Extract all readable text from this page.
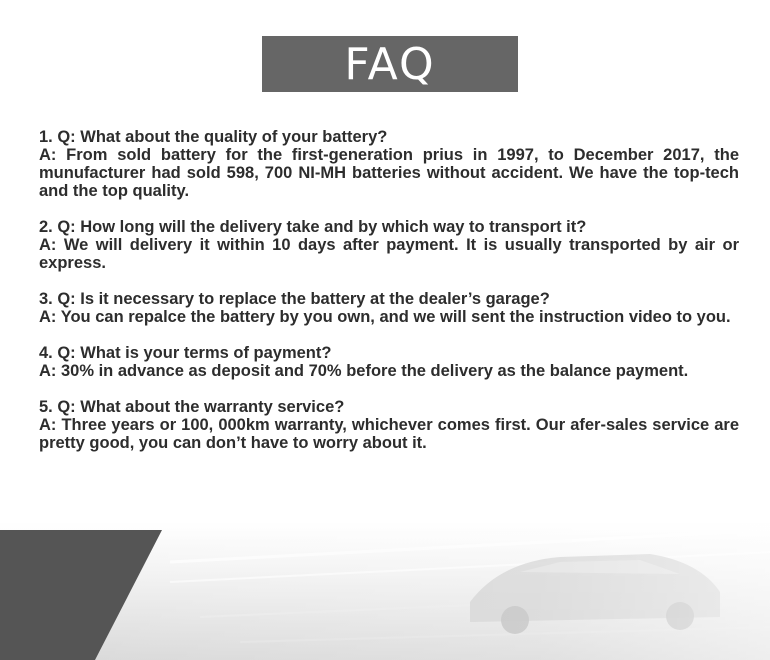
FAQ

1. Q: What about the quality of your battery?

A: From sold battery for the first-generation prius in 1997, to December 2017, the munufacturer had sold 598, 700 NI-MH batteries without accident. We have the top-tech and the top quality.

2. Q: How long will the delivery take and by which way to transport it?

A: We will delivery it within 10 days after payment. It is usually transported by air or express.

3. Q: Is it necessary to replace the battery at the dealer’s garage?

A: You can repalce the battery by you own, and we will sent the instruction video to you.

4. Q: What is your terms of payment?

A: 30% in advance as deposit and 70% before the delivery as the balance payment.

5. Q: What about the warranty service?

A: Three years or 100, 000km warranty, whichever comes first. Our afer-sales service are pretty good, you can don’t have to worry about it.
